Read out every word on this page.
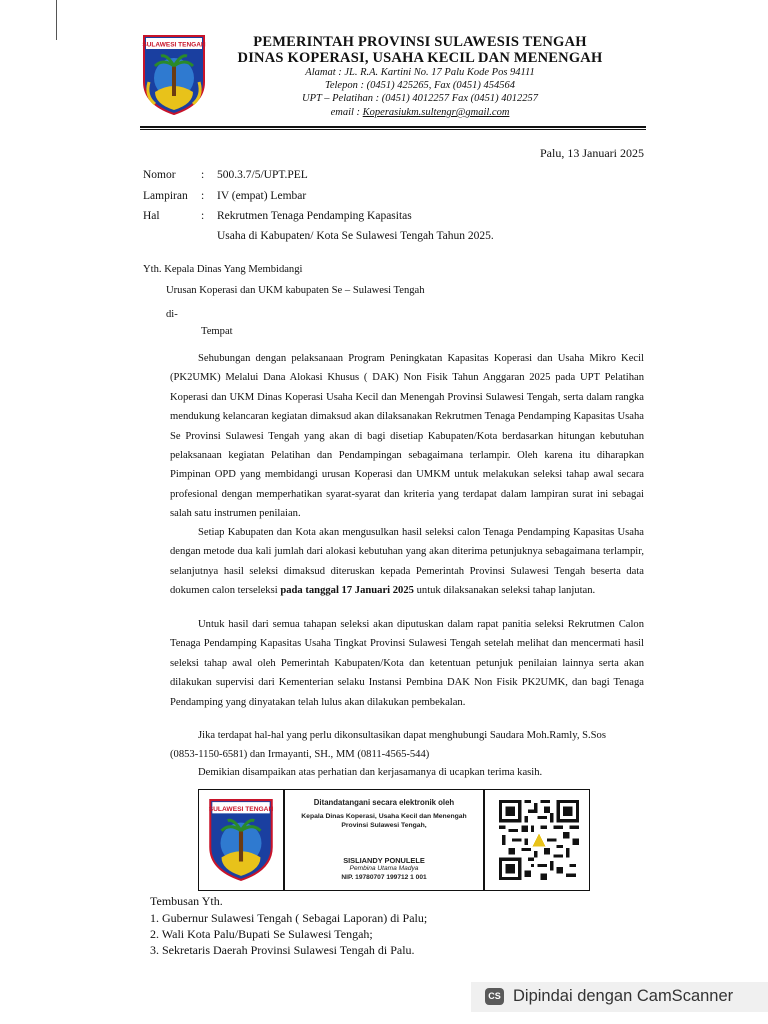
SULAWESI TENGAH	PEMERINTAH PROVINSI SULAWESIS TENGAH
DINAS KOPERASI, USAHA KECIL DAN MENENGAH
Alamat : JL. R.A. Kartini No. 17 Palu Kode Pos 94111
Telepon : (0451) 425265, Fax (0451) 454564
UPT – Pelatihan : (0451) 4012257 Fax (0451) 4012257
email : Koperasiukm.sultengr@gmail.com
Palu, 13 Januari 2025
Nomor : 500.3.7/5/UPT.PEL
Lampiran : IV (empat) Lembar
Hal	: Rekrutmen Tenaga Pendamping Kapasitas
Usaha di Kabupaten/ Kota Se Sulawesi Tengah Tahun 2025.
Yth. Kepala Dinas Yang Membidangi
Urusan Koperasi dan UKM kabupaten Se – Sulawesi Tengah
di-
Tempat
Sehubungan dengan pelaksanaan Program Peningkatan Kapasitas Koperasi dan Usaha Mikro Kecil (PK2UMK) Melalui Dana Alokasi Khusus ( DAK) Non Fisik Tahun Anggaran 2025 pada UPT Pelatihan Koperasi dan UKM Dinas Koperasi Usaha Kecil dan Menengah Provinsi Sulawesi Tengah, serta dalam rangka mendukung kelancaran kegiatan dimaksud akan dilaksanakan Rekrutmen Tenaga Pendamping Kapasitas Usaha Se Provinsi Sulawesi Tengah yang akan di bagi disetiap Kabupaten/Kota berdasarkan hitungan kebutuhan pelaksanaan kegiatan Pelatihan dan Pendampingan sebagaimana terlampir. Oleh karena itu diharapkan Pimpinan OPD yang membidangi urusan Koperasi dan UMKM untuk melakukan seleksi tahap awal secara profesional dengan memperhatikan syarat-syarat dan kriteria yang terdapat dalam lampiran surat ini sebagai salah satu instrumen penilaian.
Setiap Kabupaten dan Kota akan mengusulkan hasil seleksi calon Tenaga Pendamping Kapasitas Usaha dengan metode dua kali jumlah dari alokasi kebutuhan yang akan diterima petunjuknya sebagaimana terlampir, selanjutnya hasil seleksi dimaksud diteruskan kepada Pemerintah Provinsi Sulawesi Tengah beserta data dokumen calon terseleksi pada tanggal 17 Januari 2025 untuk dilaksanakan seleksi tahap lanjutan.
Untuk hasil dari semua tahapan seleksi akan diputuskan dalam rapat panitia seleksi Rekrutmen Calon Tenaga Pendamping Kapasitas Usaha Tingkat Provinsi Sulawesi Tengah setelah melihat dan mencermati hasil seleksi tahap awal oleh Pemerintah Kabupaten/Kota dan ketentuan petunjuk penilaian lainnya serta akan dilakukan supervisi dari Kementerian selaku Instansi Pembina DAK Non Fisik PK2UMK, dan bagi Tenaga Pendamping yang dinyatakan telah lulus akan dilakukan pembekalan.
Jika terdapat hal-hal yang perlu dikonsultasikan dapat menghubungi Saudara Moh.Ramly, S.Sos
(0853-1150-6581) dan Irmayanti, SH., MM (0811-4565-544)
Demikian disampaikan atas perhatian dan kerjasamanya di ucapkan terima kasih.
SULAWESI TENGAH
Ditandatangani secara elektronik oleh
Kepala Dinas Koperasi, Usaha Kecil dan Menengah
Provinsi Sulawesi Tengah,
SISLIANDY PONULELE
Pembina Utama Madya
NIP. 19780707 199712 1 001
Tembusan Yth.
1. Gubernur Sulawesi Tengah ( Sebagai Laporan) di Palu;
2. Wali Kota Palu/Bupati Se Sulawesi Tengah;
3. Sekretaris Daerah Provinsi Sulawesi Tengah di Palu.
CS Dipindai dengan CamScanner
